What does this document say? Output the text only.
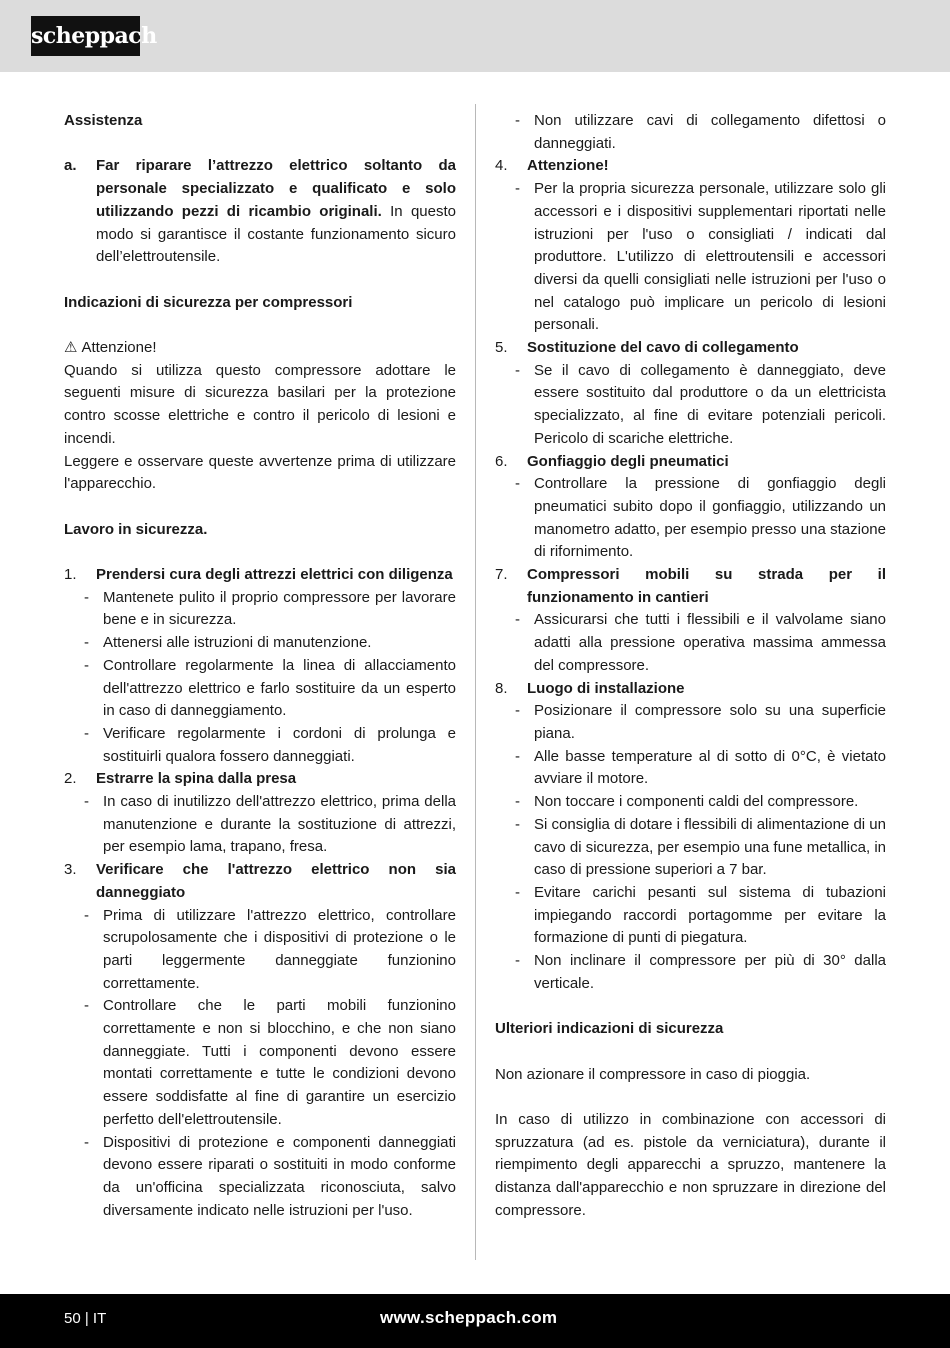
scheppach

Assistenza

a.	Far riparare l’attrezzo elettrico soltanto da personale specializzato e qualificato e solo utilizzando pezzi di ricambio originali. In questo modo si garantisce il costante funzionamento sicuro dell’elettroutensile.

Indicazioni di sicurezza per compressori

⚠ Attenzione!

Quando si utilizza questo compressore adottare le seguenti misure di sicurezza basilari per la protezione contro scosse elettriche e contro il pericolo di lesioni e incendi.

Leggere e osservare queste avvertenze prima di utilizzare l'apparecchio.

Lavoro in sicurezza.

1.	Prendersi cura degli attrezzi elettrici con diligenza

- Mantenete pulito il proprio compressore per lavorare bene e in sicurezza.

- Attenersi alle istruzioni di manutenzione.

- Controllare regolarmente la linea di allacciamento dell'attrezzo elettrico e farlo sostituire da un esperto in caso di danneggiamento.

- Verificare regolarmente i cordoni di prolunga e sostituirli qualora fossero danneggiati.

2.	Estrarre la spina dalla presa

- In caso di inutilizzo dell'attrezzo elettrico, prima della manutenzione e durante la sostituzione di attrezzi, per esempio lama, trapano, fresa.

3.	Verificare che l'attrezzo elettrico non sia danneggiato

- Prima di utilizzare l'attrezzo elettrico, controllare scrupolosamente che i dispositivi di protezione o le parti leggermente danneggiate funzionino correttamente.

- Controllare che le parti mobili funzionino correttamente e non si blocchino, e che non siano danneggiate. Tutti i componenti devono essere montati correttamente e tutte le condizioni devono essere soddisfatte al fine di garantire un esercizio perfetto dell'elettroutensile.

- Dispositivi di protezione e componenti danneggiati devono essere riparati o sostituiti in modo conforme da un'officina specializzata riconosciuta, salvo diversamente indicato nelle istruzioni per l'uso.

- Non utilizzare cavi di collegamento difettosi o danneggiati.

4.	Attenzione!

- Per la propria sicurezza personale, utilizzare solo gli accessori e i dispositivi supplementari riportati nelle istruzioni per l'uso o consigliati / indicati dal produttore. L'utilizzo di elettroutensili e accessori diversi da quelli consigliati nelle istruzioni per l'uso o nel catalogo può implicare un pericolo di lesioni personali.

5.	Sostituzione del cavo di collegamento

- Se il cavo di collegamento è danneggiato, deve essere sostituito dal produttore o da un elettricista specializzato, al fine di evitare potenziali pericoli. Pericolo di scariche elettriche.

6.	Gonfiaggio degli pneumatici

- Controllare la pressione di gonfiaggio degli pneumatici subito dopo il gonfiaggio, utilizzando un manometro adatto, per esempio presso una stazione di rifornimento.

7.	Compressori mobili su strada per il funzionamento in cantieri

- Assicurarsi che tutti i flessibili e il valvolame siano adatti alla pressione operativa massima ammessa del compressore.

8.	Luogo di installazione

- Posizionare il compressore solo su una superficie piana.

- Alle basse temperature al di sotto di 0°C, è vietato avviare il motore.

- Non toccare i componenti caldi del compressore.

- Si consiglia di dotare i flessibili di alimentazione di un cavo di sicurezza, per esempio una fune metallica, in caso di pressione superiori a 7 bar.

- Evitare carichi pesanti sul sistema di tubazioni impiegando raccordi portagomme per evitare la formazione di punti di piegatura.

- Non inclinare il compressore per più di 30° dalla verticale.

Ulteriori indicazioni di sicurezza

Non azionare il compressore in caso di pioggia.

In caso di utilizzo in combinazione con accessori di spruzzatura (ad es. pistole da verniciatura), durante il riempimento degli apparecchi a spruzzo, mantenere la distanza dall'apparecchio e non spruzzare in direzione del compressore.

50 | IT	www.scheppach.com
